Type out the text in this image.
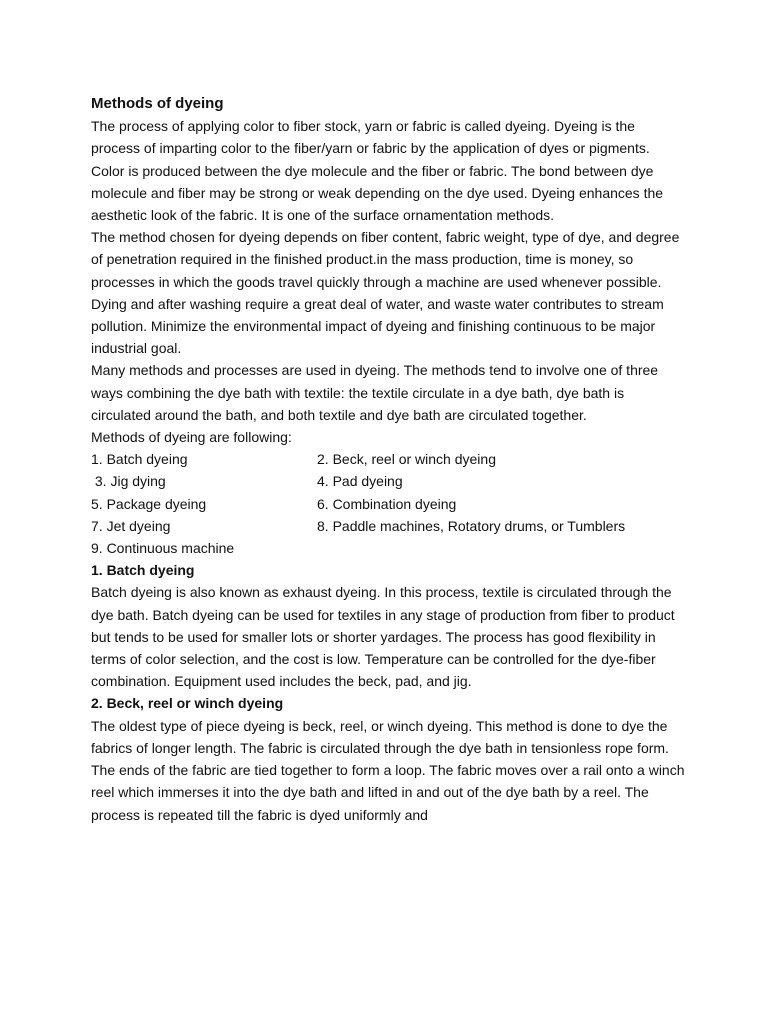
Methods of dyeing

The process of applying color to fiber stock, yarn or fabric is called dyeing. Dyeing is the process of imparting color to the fiber/yarn or fabric by the application of dyes or pigments. Color is produced between the dye molecule and the fiber or fabric. The bond between dye molecule and fiber may be strong or weak depending on the dye used. Dyeing enhances the aesthetic look of the fabric. It is one of the surface ornamentation methods.

The method chosen for dyeing depends on fiber content, fabric weight, type of dye, and degree of penetration required in the finished product.in the mass production, time is money, so processes in which the goods travel quickly through a machine are used whenever possible. Dying and after washing require a great deal of water, and waste water contributes to stream pollution. Minimize the environmental impact of dyeing and finishing continuous to be major industrial goal.

Many methods and processes are used in dyeing. The methods tend to involve one of three ways combining the dye bath with textile: the textile circulate in a dye bath, dye bath is circulated around the bath, and both textile and dye bath are circulated together.

Methods of dyeing are following:

1. Batch dyeing	2. Beck, reel or winch dyeing
3. Jig dying	4. Pad dyeing
5. Package dyeing	6. Combination dyeing
7. Jet dyeing	8. Paddle machines, Rotatory drums, or Tumblers
9. Continuous machine

1. Batch dyeing

Batch dyeing is also known as exhaust dyeing. In this process, textile is circulated through the dye bath. Batch dyeing can be used for textiles in any stage of production from fiber to product but tends to be used for smaller lots or shorter yardages. The process has good flexibility in terms of color selection, and the cost is low. Temperature can be controlled for the dye-fiber combination. Equipment used includes the beck, pad, and jig.

2. Beck, reel or winch dyeing

The oldest type of piece dyeing is beck, reel, or winch dyeing. This method is done to dye the fabrics of longer length. The fabric is circulated through the dye bath in tensionless rope form. The ends of the fabric are tied together to form a loop. The fabric moves over a rail onto a winch reel which immerses it into the dye bath and lifted in and out of the dye bath by a reel. The process is repeated till the fabric is dyed uniformly and
